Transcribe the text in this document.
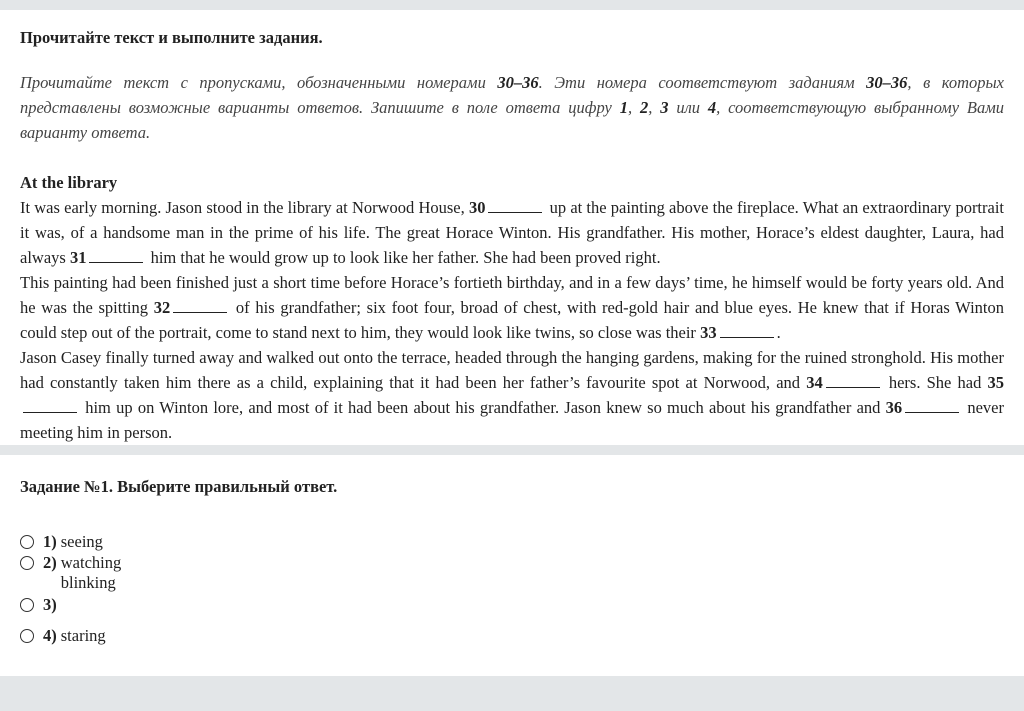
Прочитайте текст и выполните задания.
Прочитайте текст с пропусками, обозначенными номерами 30–36. Эти номера соответствуют заданиям 30–36, в которых представлены возможные варианты ответов. Запишите в поле ответа цифру 1, 2, 3 или 4, соответствующую выбранному Вами варианту ответа.
At the library

It was early morning. Jason stood in the library at Norwood House, 30	up at the painting above the fireplace. What an extraordinary portrait it was, of a handsome man in the prime of his life. The great Horace Winton. His grandfather. His mother, Horace’s eldest daughter, Laura, had always 31	him that he would grow up to look like her father. She had been proved right.

This painting had been finished just a short time before Horace’s fortieth birthday, and in a few days’ time, he himself would be forty years old. And he was the spitting 32	of his grandfather; six foot four, broad of chest, with red-gold hair and blue eyes. He knew that if Horas Winton could step out of the portrait, come to stand next to him, they would look like twins, so close was their 33	.

Jason Casey finally turned away and walked out onto the terrace, headed through the hanging gardens, making for the ruined stronghold. His mother had constantly taken him there as a child, explaining that it had been her father’s favourite spot at Norwood, and 34	hers. She had 35 him up on Winton lore, and most of it had been about his grandfather. Jason knew so much about his grandfather and 36	never meeting him in person.

Задание №1. Выберите правильный ответ.
1) seeing
2) watching
3)
blinking
4) staring
